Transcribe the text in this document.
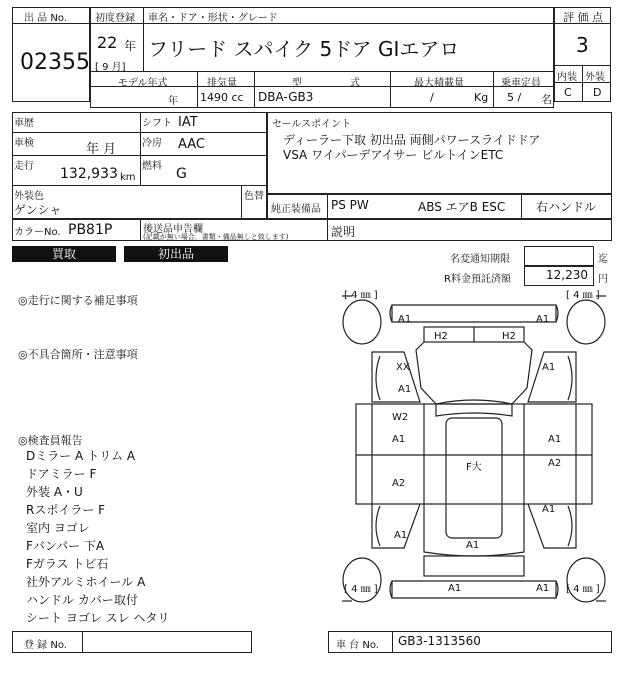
出 品 No.
02355
初度登録 車名・ドア・形状・グレード
22 年
[ 9 月]
フリード スパイク 5ドア GIエアロ
モデル年式
年
排気量
1490 cc
型	式
DBA-GB3
最大積載量
/	Kg
乗車定員
5 / 名
評 価 点
3
内装 外装
C D
車歴	シフト IAT
車検	年 月	冷房 AAC
走行 132,933 km
燃料 G
外装色
ゲンシャ
色替
セールスポイント
ディーラー下取 初出品 両側パワースライドドア
VSA ワイパーデアイサー ビルトインETC
純正装備品 PS PW	ABS エアB ESC	右ハンドル
カラーNo. PB81P	後送品申告欄
(記載が無い場合，書類・備品無しと致します)	説明
買取	初出品	名変通知期限	迄
R料金預託済額	12,230 円
◎走行に関する補足事項
◎不具合箇所・注意事項
◎検査員報告
Dミラー A トリム A
ドアミラー F
外装 A・U
Rスポイラー F
室内 ヨゴレ
Fバンパー 下A
Fガラス トビ石
社外アルミホイール A
ハンドル カバー取付
シート ヨゴレ スレ ヘタリ
[ 4 ㎜ ]	[ 4 ㎜ ]
[ 4 ㎜ ]	[ 4 ㎜ ]
A1	A1
H2	H2
XX
A1
A1
W2
A1	A1
A2
F大
A2
A1
A1
A1
A1	A1
登 録 No.	車 台 No. GB3-1313560
